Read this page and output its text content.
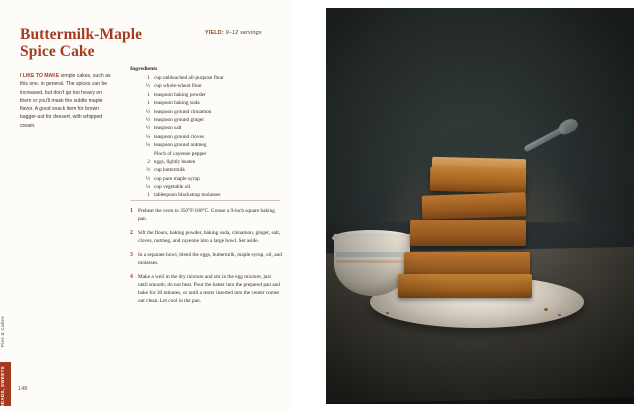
Buttermilk-Maple Spice Cake
YIELD: 9–12 servings
I LIKE TO MAKE simple cakes, such as this one, in general. The spices can be increased, but don't go too heavy on them or you'll mask the subtle maple flavor. A good snack item for brown bagger-ust for dessert, with whipped cream.
Ingredients
1 cup unbleached all-purpose flour
½ cup whole-wheat flour
1 teaspoon baking powder
1 teaspoon baking soda
½ teaspoon ground cinnamon
½ teaspoon ground ginger
½ teaspoon salt
¼ teaspoon ground cloves
¼ teaspoon ground nutmeg
Pinch of cayenne pepper
2 eggs, lightly beaten
⅔ cup buttermilk
½ cup pure maple syrup
¼ cup vegetable oil
1 tablespoon blackstrap molasses
1 Preheat the oven to 350°F/180°C. Grease a 9-inch square baking pan.
2 Sift the flours, baking powder, baking soda, cinnamon, ginger, salt, cloves, nutmeg, and cayenne into a large bowl. Set aside.
3 In a separate bowl, blend the eggs, buttermilk, maple syrup, oil, and molasses.
4 Make a well in the dry mixture and stir in the egg mixture, just until smooth; do not beat. Pour the batter into the prepared pan and bake for 30 minutes, or until a tester inserted into the center comes out clean. Let cool in the pan.
148
Pies & Cakes
BREADS, SWEETS
